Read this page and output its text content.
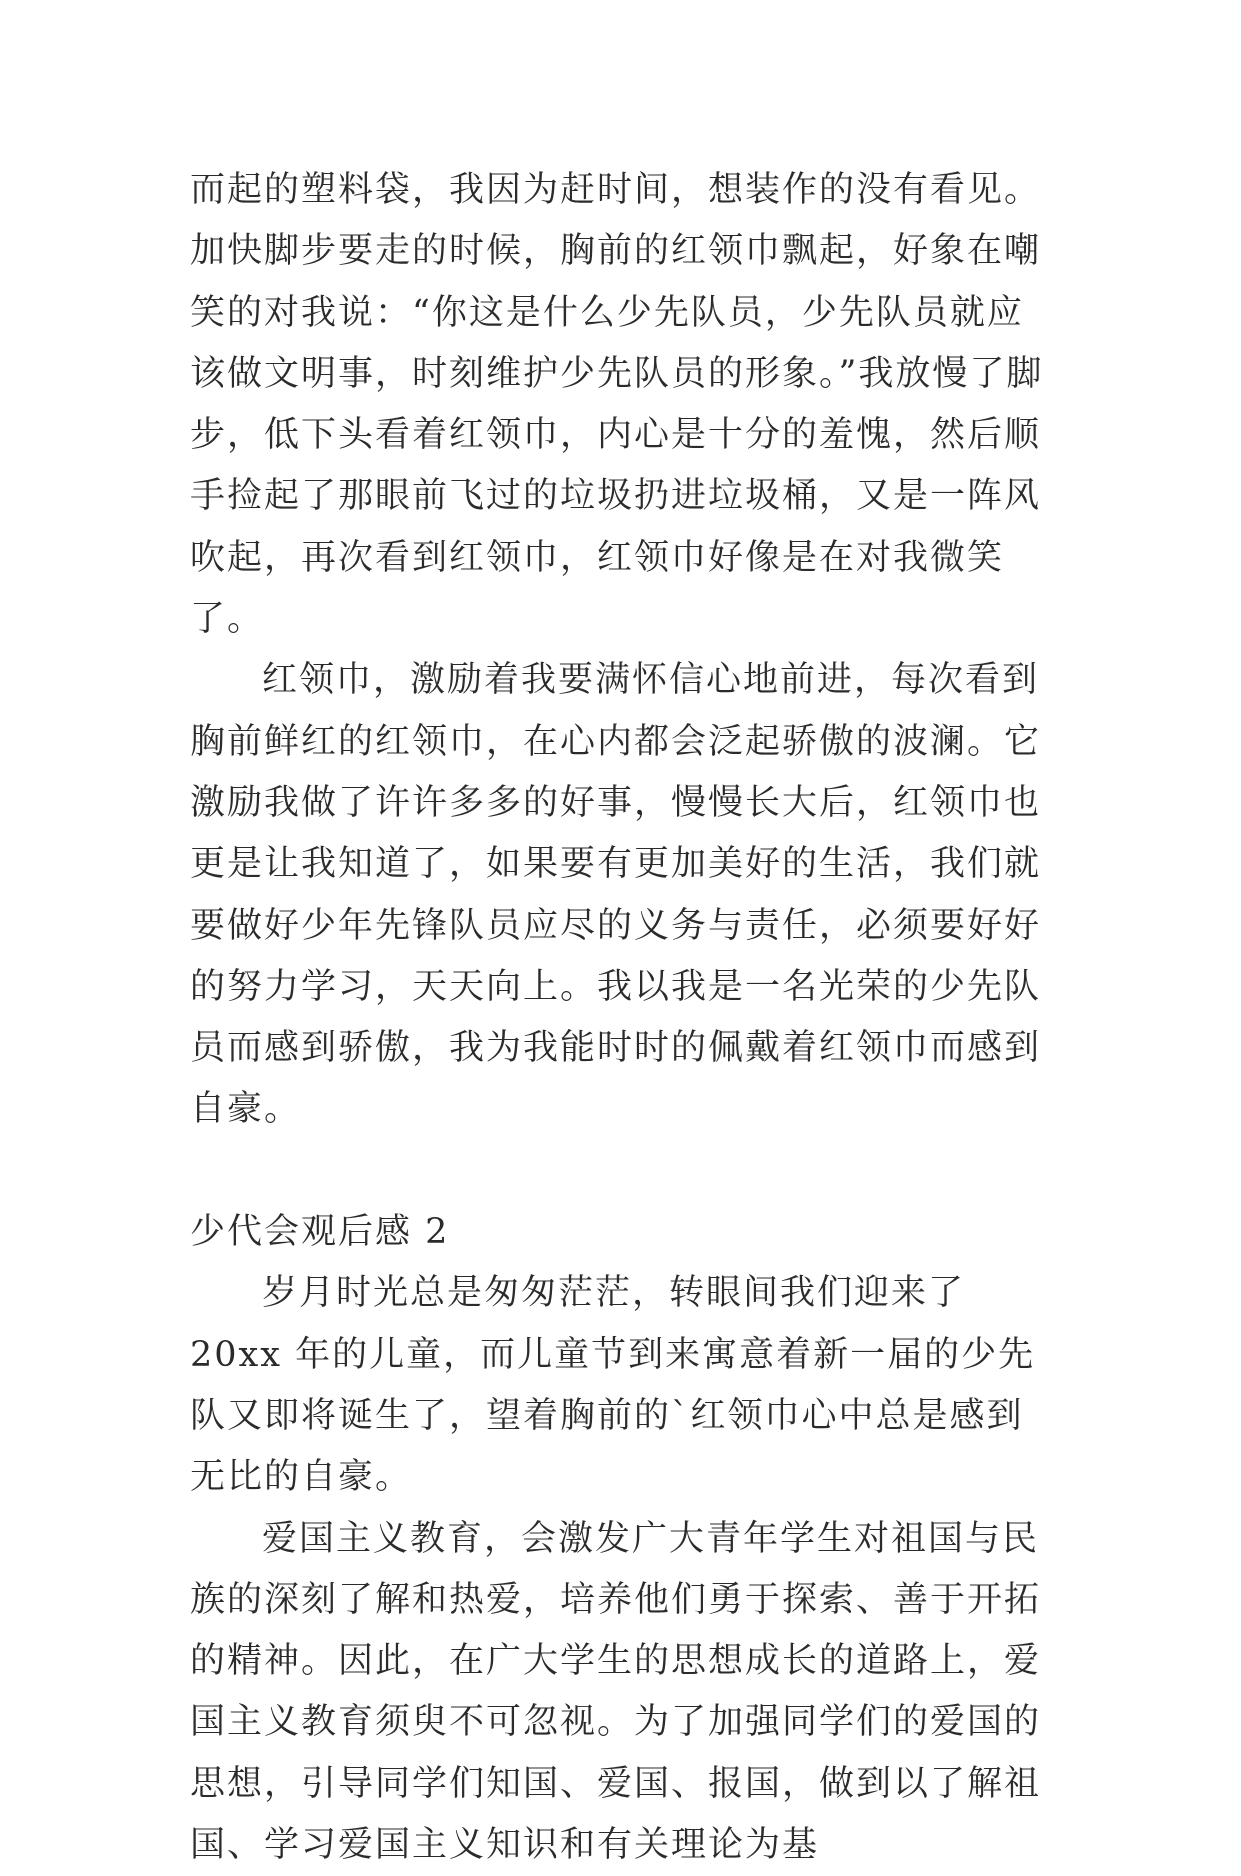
而起的塑料袋，我因为赶时间，想装作的没有看见。加快脚步要走的时候，胸前的红领巾飘起，好象在嘲笑的对我说：“你这是什么少先队员，少先队员就应该做文明事，时刻维护少先队员的形象。”我放慢了脚步，低下头看着红领巾，内心是十分的羞愧，然后顺手捡起了那眼前飞过的垃圾扔进垃圾桶，又是一阵风吹起，再次看到红领巾，红领巾好像是在对我微笑了。

红领巾，激励着我要满怀信心地前进，每次看到胸前鲜红的红领巾，在心内都会泛起骄傲的波澜。它激励我做了许许多多的好事，慢慢长大后，红领巾也更是让我知道了，如果要有更加美好的生活，我们就要做好少年先锋队员应尽的义务与责任，必须要好好的努力学习，天天向上。我以我是一名光荣的少先队员而感到骄傲，我为我能时时的佩戴着红领巾而感到自豪。

少代会观后感 2

岁月时光总是匆匆茫茫，转眼间我们迎来了 20xx 年的儿童，而儿童节到来寓意着新一届的少先队又即将诞生了，望着胸前的`红领巾心中总是感到无比的自豪。

爱国主义教育，会激发广大青年学生对祖国与民族的深刻了解和热爱，培养他们勇于探索、善于开拓的精神。因此，在广大学生的思想成长的道路上，爱国主义教育须臾不可忽视。为了加强同学们的爱国的思想，引导同学们知国、爱国、报国，做到以了解祖国、学习爱国主义知识和有关理论为基
